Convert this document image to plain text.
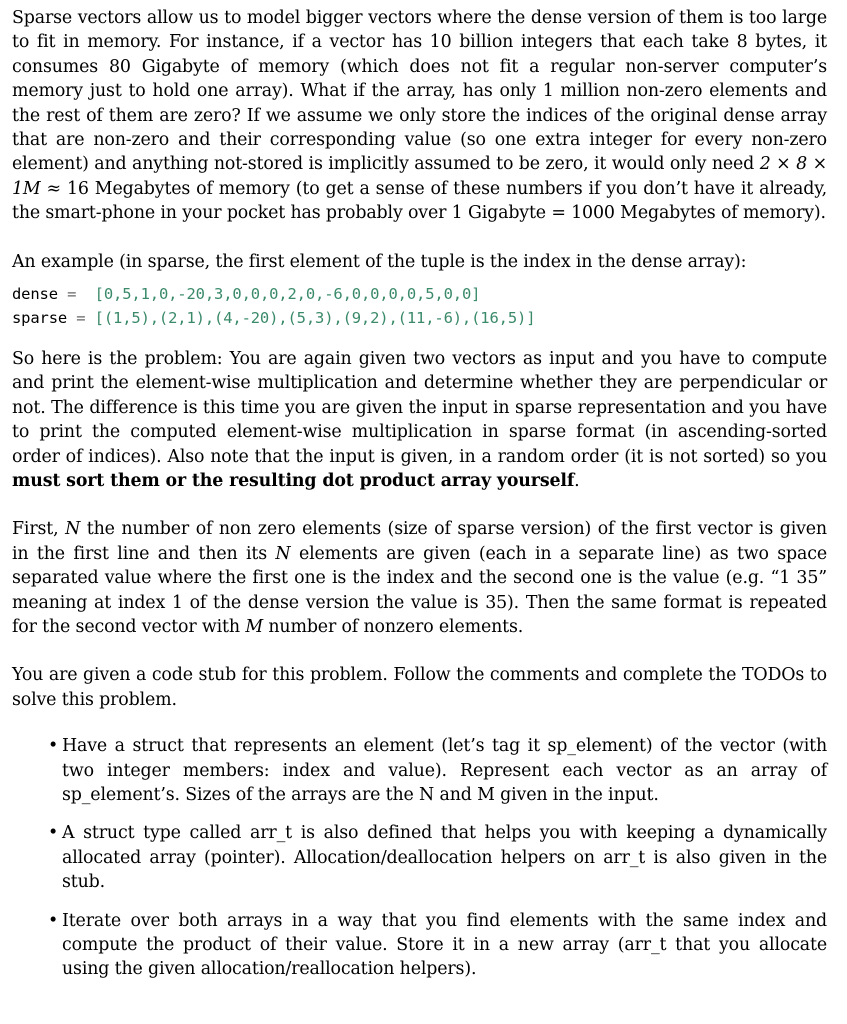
Sparse vectors allow us to model bigger vectors where the dense version of them is too large to fit in memory. For instance, if a vector has 10 billion integers that each take 8 bytes, it consumes 80 Gigabyte of memory (which does not fit a regular non-server computer’s memory just to hold one array). What if the array, has only 1 million non-zero elements and the rest of them are zero? If we assume we only store the indices of the original dense array that are non-zero and their corresponding value (so one extra integer for every non-zero element) and anything not-stored is implicitly assumed to be zero, it would only need 2 × 8 × 1M ≈ 16 Megabytes of memory (to get a sense of these numbers if you don’t have it already, the smart-phone in your pocket has probably over 1 Gigabyte = 1000 Megabytes of memory).

An example (in sparse, the first element of the tuple is the index in the dense array):

dense = [0,5,1,0,-20,3,0,0,0,2,0,-6,0,0,0,0,5,0,0]
sparse = [(1,5),(2,1),(4,-20),(5,3),(9,2),(11,-6),(16,5)]

So here is the problem: You are again given two vectors as input and you have to compute and print the element-wise multiplication and determine whether they are perpendicular or not. The difference is this time you are given the input in sparse representation and you have to print the computed element-wise multiplication in sparse format (in ascending-sorted order of indices). Also note that the input is given, in a random order (it is not sorted) so you must sort them or the resulting dot product array yourself.

First, N the number of non zero elements (size of sparse version) of the first vector is given in the first line and then its N elements are given (each in a separate line) as two space separated value where the first one is the index and the second one is the value (e.g. “1 35” meaning at index 1 of the dense version the value is 35). Then the same format is repeated for the second vector with M number of nonzero elements.

You are given a code stub for this problem. Follow the comments and complete the TODOs to solve this problem.

• Have a struct that represents an element (let’s tag it sp_element) of the vector (with two integer members: index and value). Represent each vector as an array of sp_element’s. Sizes of the arrays are the N and M given in the input.
• A struct type called arr_t is also defined that helps you with keeping a dynamically allocated array (pointer). Allocation/deallocation helpers on arr_t is also given in the stub.
• Iterate over both arrays in a way that you find elements with the same index and compute the product of their value. Store it in a new array (arr_t that you allocate using the given allocation/reallocation helpers).
